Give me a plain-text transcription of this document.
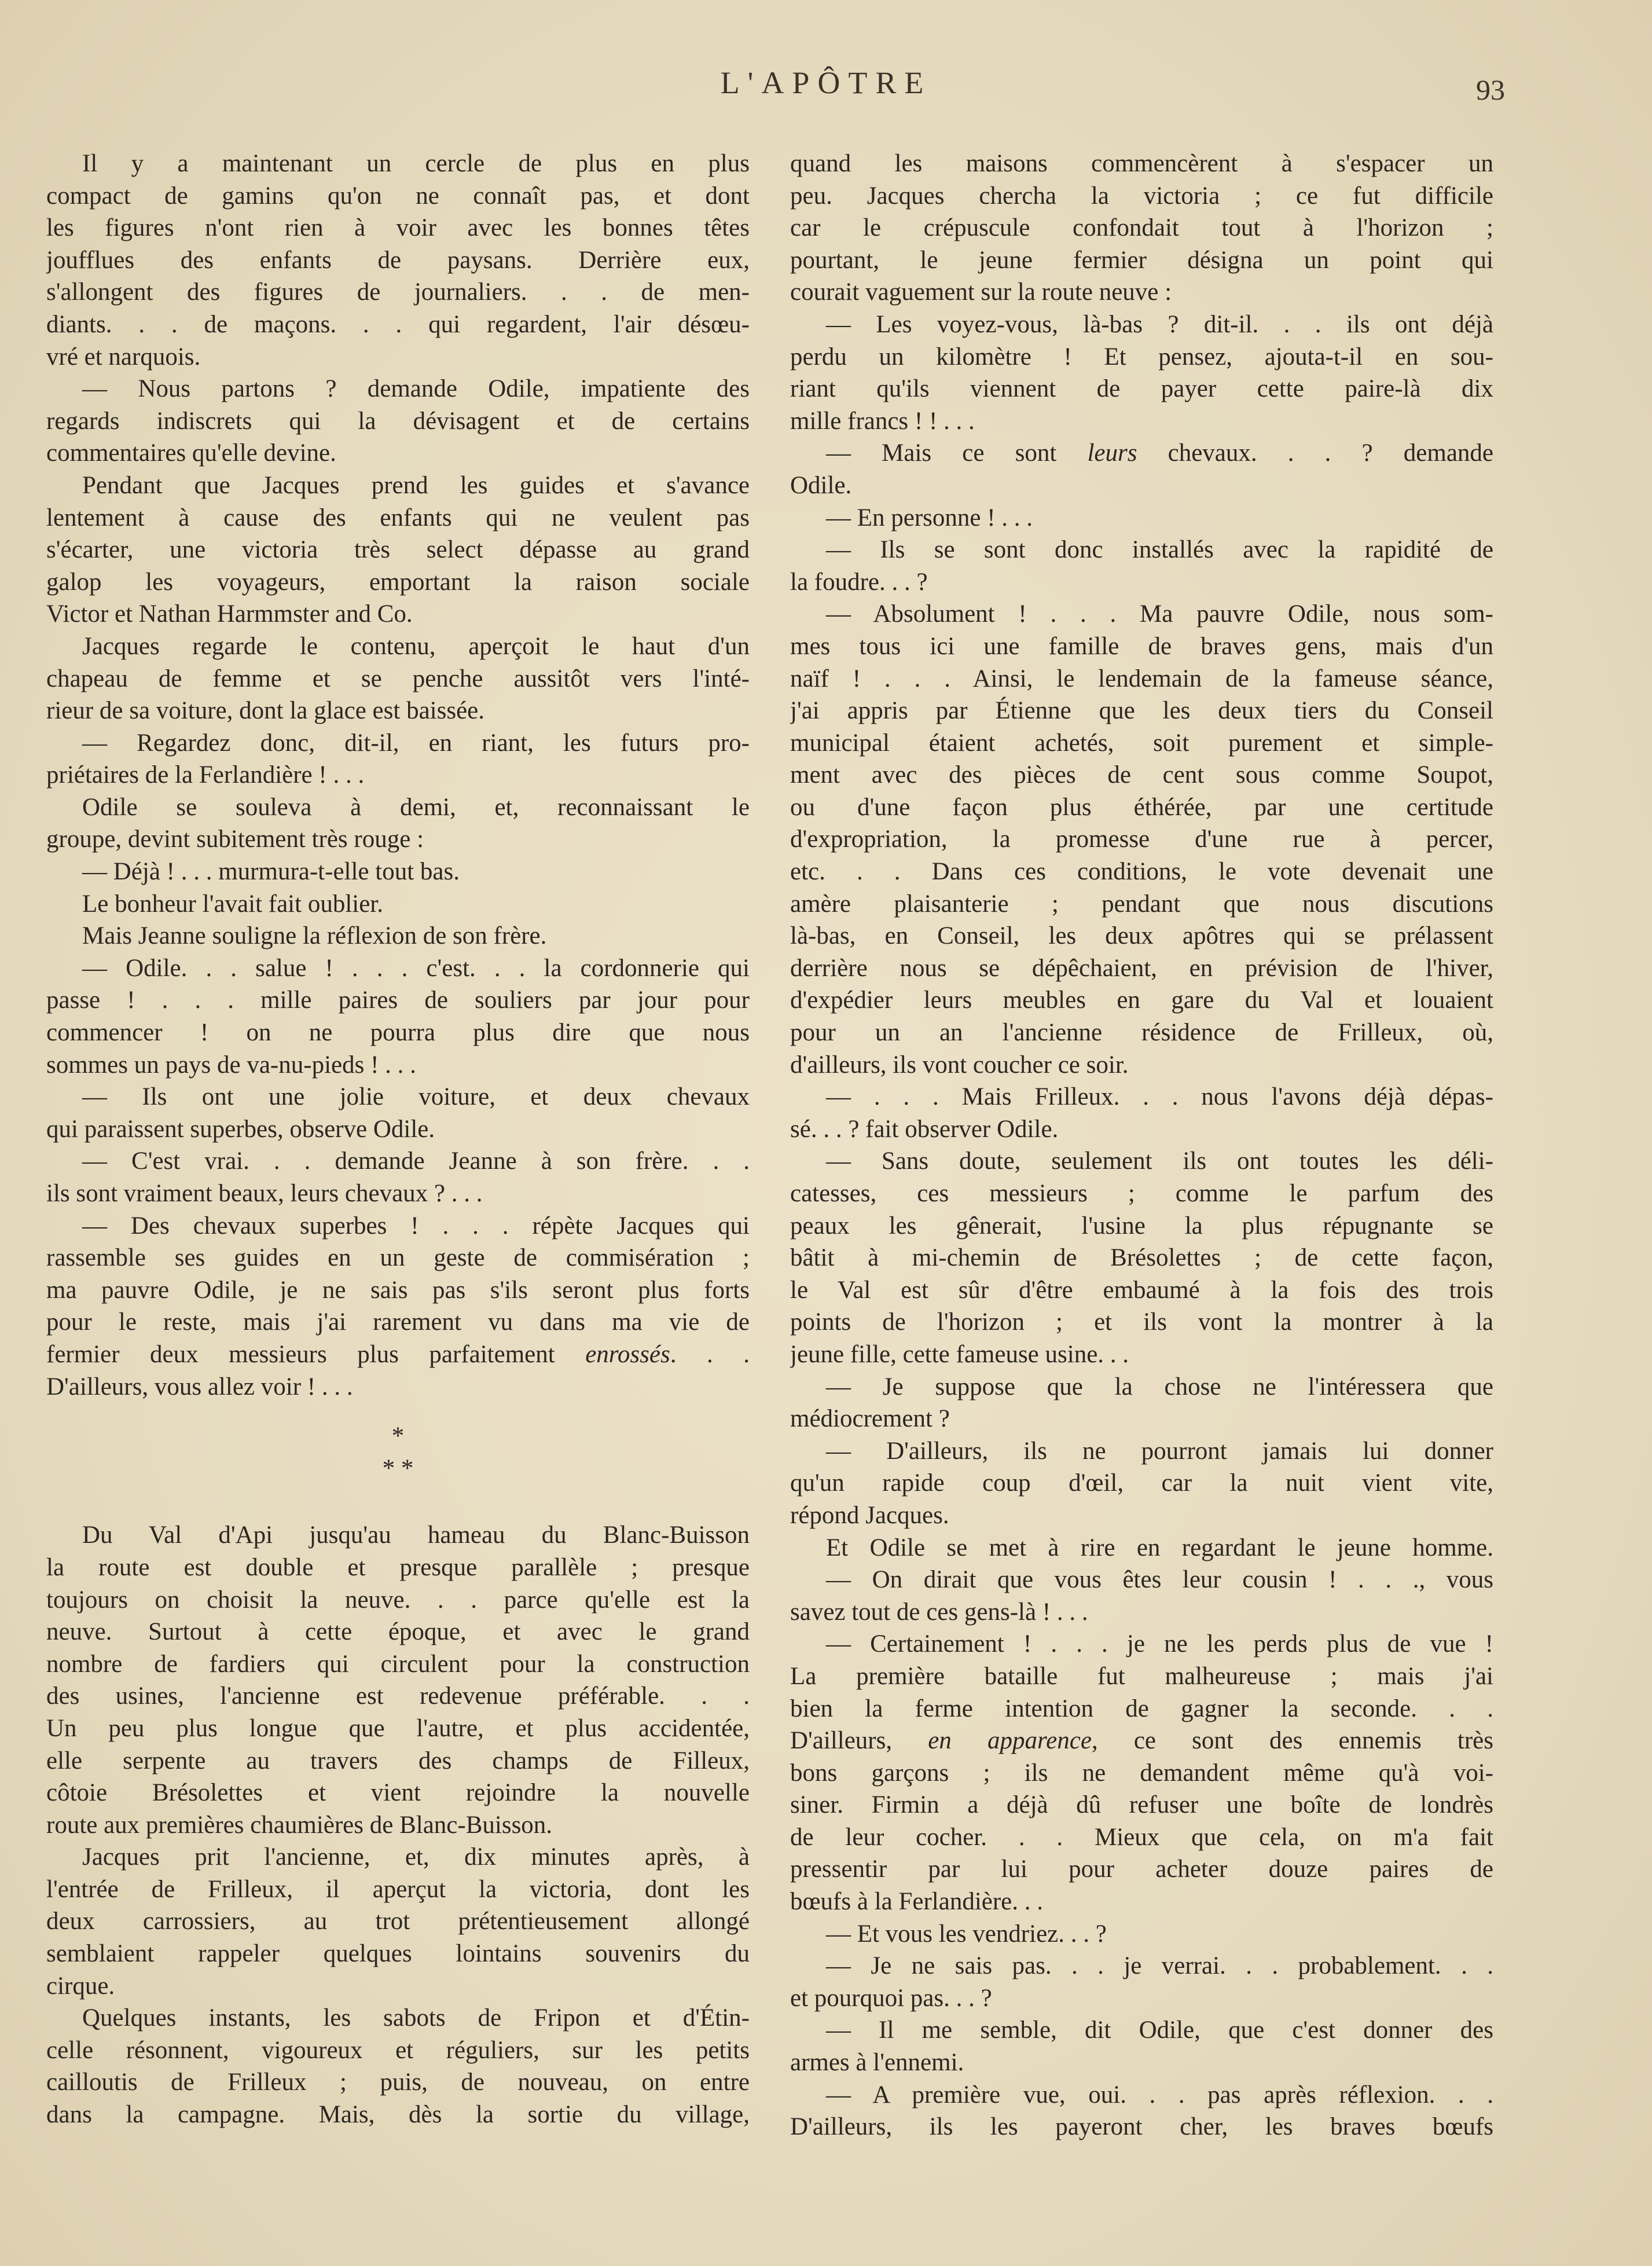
L'APÔTRE	93
Il y a maintenant un cercle de plus en plus
compact de gamins qu'on ne connaît pas, et dont
les figures n'ont rien à voir avec les bonnes têtes
joufflues des enfants de paysans. Derrière eux,
s'allongent des figures de journaliers. . . de men-
diants. . . de maçons. . . qui regardent, l'air désœu-
vré et narquois.
— Nous partons ? demande Odile, impatiente des
regards indiscrets qui la dévisagent et de certains
commentaires qu'elle devine.
Pendant que Jacques prend les guides et s'avance
lentement à cause des enfants qui ne veulent pas
s'écarter, une victoria très select dépasse au grand
galop les voyageurs, emportant la raison sociale
Victor et Nathan Harmmster and Co.
Jacques regarde le contenu, aperçoit le haut d'un
chapeau de femme et se penche aussitôt vers l'inté-
rieur de sa voiture, dont la glace est baissée.
— Regardez donc, dit-il, en riant, les futurs pro-
priétaires de la Ferlandière ! . . .
Odile se souleva à demi, et, reconnaissant le
groupe, devint subitement très rouge :
— Déjà ! . . . murmura-t-elle tout bas.
Le bonheur l'avait fait oublier.
Mais Jeanne souligne la réflexion de son frère.
— Odile. . . salue ! . . . c'est. . . la cordonnerie qui
passe ! . . . mille paires de souliers par jour pour
commencer ! on ne pourra plus dire que nous
sommes un pays de va-nu-pieds ! . . .
— Ils ont une jolie voiture, et deux chevaux
qui paraissent superbes, observe Odile.
— C'est vrai. . . demande Jeanne à son frère. . .
ils sont vraiment beaux, leurs chevaux ? . . .
— Des chevaux superbes ! . . . répète Jacques qui
rassemble ses guides en un geste de commisération ;
ma pauvre Odile, je ne sais pas s'ils seront plus forts
pour le reste, mais j'ai rarement vu dans ma vie de
fermier deux messieurs plus parfaitement enrossés. . .
D'ailleurs, vous allez voir ! . . .
*
* *
Du Val d'Api jusqu'au hameau du Blanc-Buisson
la route est double et presque parallèle ; presque
toujours on choisit la neuve. . . parce qu'elle est la
neuve. Surtout à cette époque, et avec le grand
nombre de fardiers qui circulent pour la construction
des usines, l'ancienne est redevenue préférable. . .
Un peu plus longue que l'autre, et plus accidentée,
elle serpente au travers des champs de Filleux,
côtoie Brésolettes et vient rejoindre la nouvelle
route aux premières chaumières de Blanc-Buisson.
Jacques prit l'ancienne, et, dix minutes après, à
l'entrée de Frilleux, il aperçut la victoria, dont les
deux carrossiers, au trot prétentieusement allongé
semblaient rappeler quelques lointains souvenirs du
cirque.
Quelques instants, les sabots de Fripon et d'Étin-
celle résonnent, vigoureux et réguliers, sur les petits
cailloutis de Frilleux ; puis, de nouveau, on entre
dans la campagne. Mais, dès la sortie du village,
quand les maisons commencèrent à s'espacer un
peu. Jacques chercha la victoria ; ce fut difficile
car le crépuscule confondait tout à l'horizon ;
pourtant, le jeune fermier désigna un point qui
courait vaguement sur la route neuve :
— Les voyez-vous, là-bas ? dit-il. . . ils ont déjà
perdu un kilomètre ! Et pensez, ajouta-t-il en sou-
riant qu'ils viennent de payer cette paire-là dix
mille francs ! ! . . .
— Mais ce sont leurs chevaux. . . ? demande
Odile.
— En personne ! . . .
— Ils se sont donc installés avec la rapidité de
la foudre. . . ?
— Absolument ! . . . Ma pauvre Odile, nous som-
mes tous ici une famille de braves gens, mais d'un
naïf ! . . . Ainsi, le lendemain de la fameuse séance,
j'ai appris par Étienne que les deux tiers du Conseil
municipal étaient achetés, soit purement et simple-
ment avec des pièces de cent sous comme Soupot,
ou d'une façon plus éthérée, par une certitude
d'expropriation, la promesse d'une rue à percer,
etc. . . Dans ces conditions, le vote devenait une
amère plaisanterie ; pendant que nous discutions
là-bas, en Conseil, les deux apôtres qui se prélassent
derrière nous se dépêchaient, en prévision de l'hiver,
d'expédier leurs meubles en gare du Val et louaient
pour un an l'ancienne résidence de Frilleux, où,
d'ailleurs, ils vont coucher ce soir.
— . . . Mais Frilleux. . . nous l'avons déjà dépas-
sé. . . ? fait observer Odile.
— Sans doute, seulement ils ont toutes les déli-
catesses, ces messieurs ; comme le parfum des
peaux les gênerait, l'usine la plus répugnante se
bâtit à mi-chemin de Brésolettes ; de cette façon,
le Val est sûr d'être embaumé à la fois des trois
points de l'horizon ; et ils vont la montrer à la
jeune fille, cette fameuse usine. . .
— Je suppose que la chose ne l'intéressera que
médiocrement ?
— D'ailleurs, ils ne pourront jamais lui donner
qu'un rapide coup d'œil, car la nuit vient vite,
répond Jacques.
Et Odile se met à rire en regardant le jeune homme.
— On dirait que vous êtes leur cousin ! . . ., vous
savez tout de ces gens-là ! . . .
— Certainement ! . . . je ne les perds plus de vue !
La première bataille fut malheureuse ; mais j'ai
bien la ferme intention de gagner la seconde. . .
D'ailleurs, en apparence, ce sont des ennemis très
bons garçons ; ils ne demandent même qu'à voi-
siner. Firmin a déjà dû refuser une boîte de londrès
de leur cocher. . . Mieux que cela, on m'a fait
pressentir par lui pour acheter douze paires de
bœufs à la Ferlandière. . .
— Et vous les vendriez. . . ?
— Je ne sais pas. . . je verrai. . . probablement. . .
et pourquoi pas. . . ?
— Il me semble, dit Odile, que c'est donner des
armes à l'ennemi.
— A première vue, oui. . . pas après réflexion. . .
D'ailleurs, ils les payeront cher, les braves bœufs
